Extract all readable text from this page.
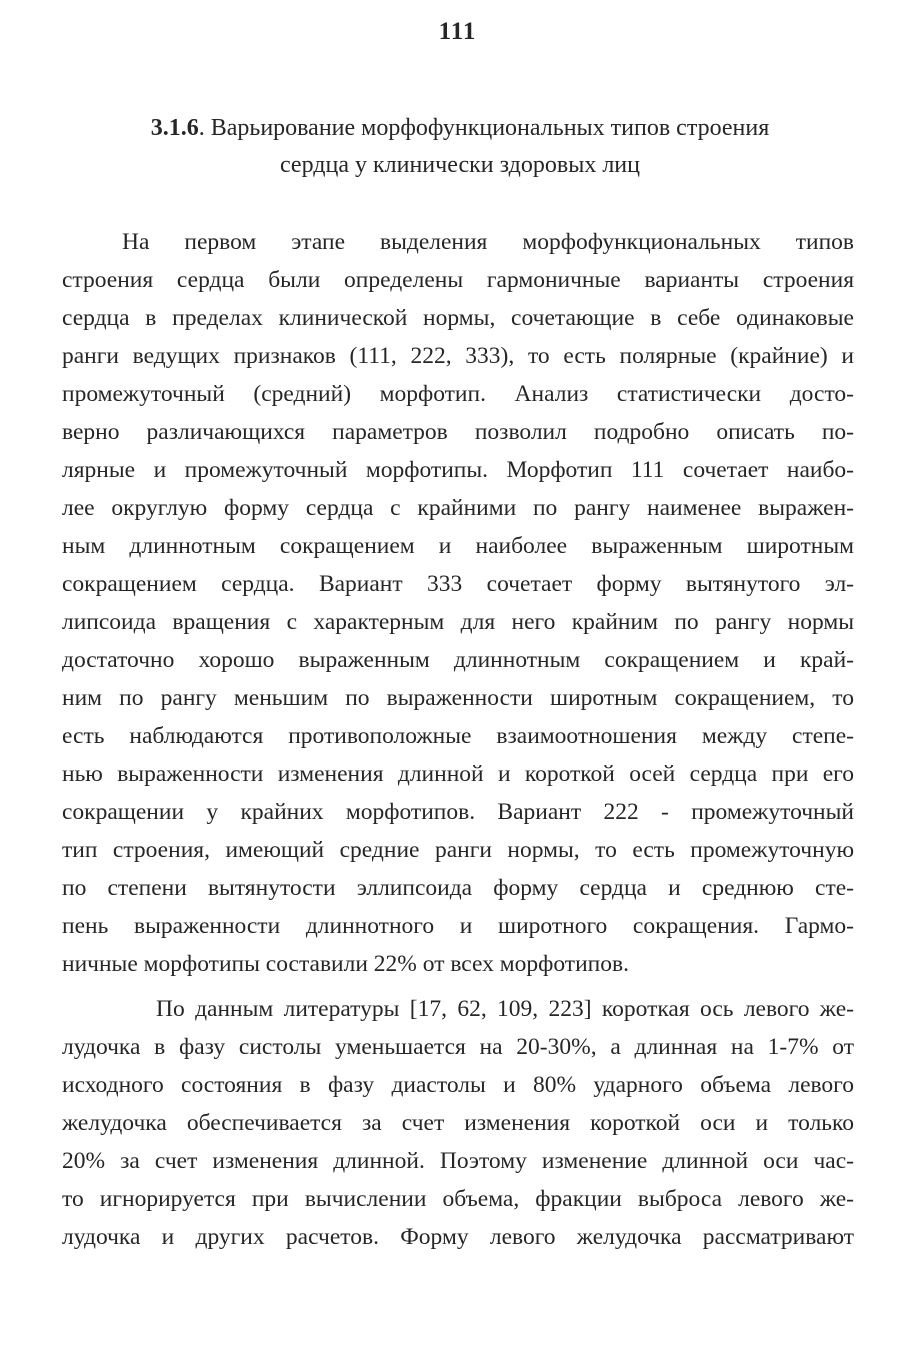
111
3.1.6. Варьирование морфофункциональных типов строения
сердца у клинически здоровых лиц
На первом этапе выделения морфофункциональных типов
строения сердца были определены гармоничные варианты строения
сердца в пределах клинической нормы, сочетающие в себе одинаковые
ранги ведущих признаков (111, 222, 333), то есть полярные (крайние) и
промежуточный (средний) морфотип. Анализ статистически досто-
верно различающихся параметров позволил подробно описать по-
лярные и промежуточный морфотипы. Морфотип 111 сочетает наибо-
лее округлую форму сердца с крайними по рангу наименее выражен-
ным длиннотным сокращением и наиболее выраженным широтным
сокращением сердца. Вариант 333 сочетает форму вытянутого эл-
липсоида вращения с характерным для него крайним по рангу нормы
достаточно хорошо выраженным длиннотным сокращением и край-
ним по рангу меньшим по выраженности широтным сокращением, то
есть наблюдаются противоположные взаимоотношения между степе-
нью выраженности изменения длинной и короткой осей сердца при его
сокращении у крайних морфотипов. Вариант 222 - промежуточный
тип строения, имеющий средние ранги нормы, то есть промежуточную
по степени вытянутости эллипсоида форму сердца и среднюю сте-
пень выраженности длиннотного и широтного сокращения. Гармо-
ничные морфотипы составили 22% от всех морфотипов.
По данным литературы [17, 62, 109, 223] короткая ось левого же-
лудочка в фазу систолы уменьшается на 20-30%, а длинная на 1-7% от
исходного состояния в фазу диастолы и 80% ударного объема левого
желудочка обеспечивается за счет изменения короткой оси и только
20% за счет изменения длинной. Поэтому изменение длинной оси час-
то игнорируется при вычислении объема, фракции выброса левого же-
лудочка и других расчетов. Форму левого желудочка рассматривают
